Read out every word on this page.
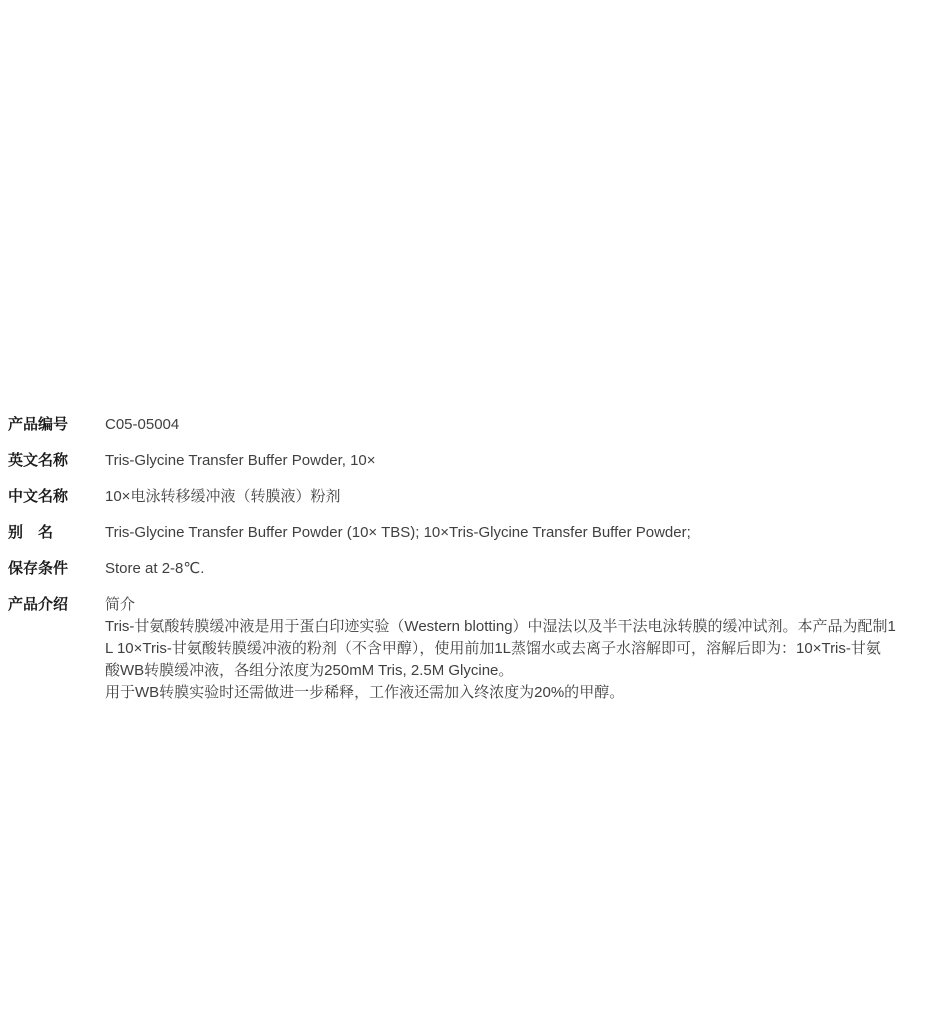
产品编号	C05-05004
英文名称	Tris-Glycine Transfer Buffer Powder, 10×
中文名称	10×电泳转移缓冲液（转膜液）粉剂
别　名	Tris-Glycine Transfer Buffer Powder (10× TBS); 10×Tris-Glycine Transfer Buffer Powder;
保存条件	Store at 2-8℃.
产品介绍	简介

Tris-甘氨酸转膜缓冲液是用于蛋白印迹实验（Western blotting）中湿法以及半干法电泳转膜的缓冲试剂。本产品为配制1

L 10×Tris-甘氨酸转膜缓冲液的粉剂（不含甲醇），使用前加1L蒸馏水或去离子水溶解即可，溶解后即为：10×Tris-甘氨

酸WB转膜缓冲液，各组分浓度为250mM Tris, 2.5M Glycine。

用于WB转膜实验时还需做进一步稀释，工作液还需加入终浓度为20%的甲醇。
